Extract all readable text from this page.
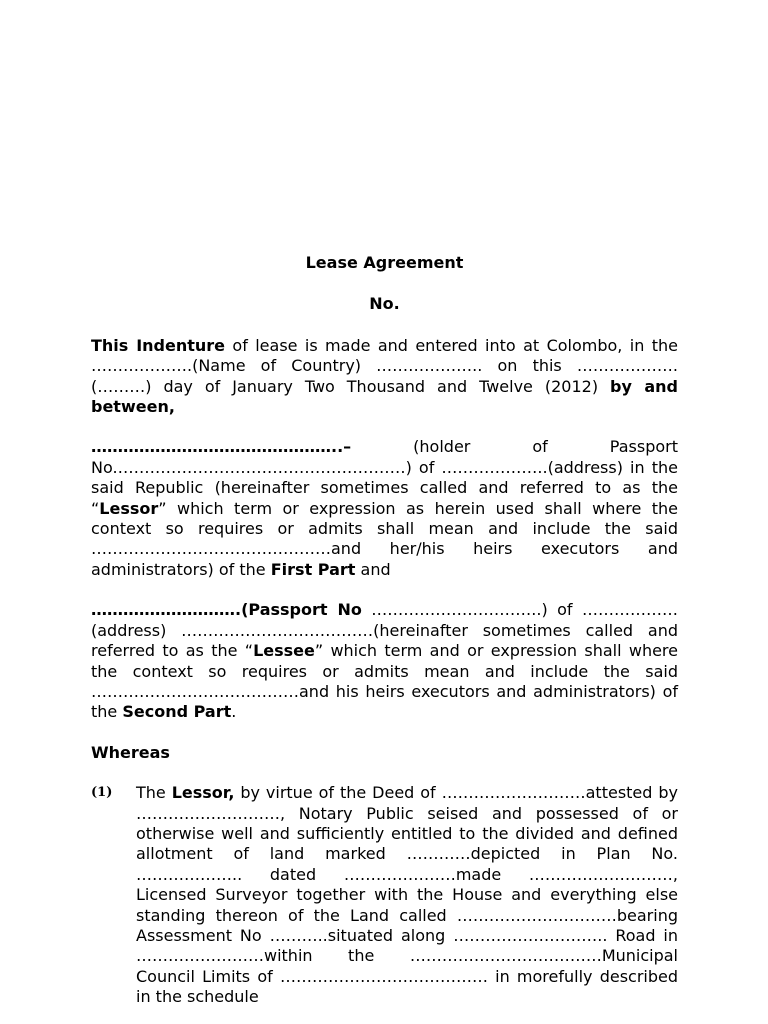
Lease Agreement

No.

This Indenture of lease is made and entered into at Colombo, in the ……………….(Name of Country) ……………….. on this ……………….(………) day of January Two Thousand and Twelve (2012) by and between,

………………………………………..– (holder of Passport No.………………………………………………) of ………………..(address) in the said Republic (hereinafter sometimes called and referred to as the “Lessor” which term or expression as herein used shall where the context so requires or admits shall mean and include the said ………………………………………and her/his heirs executors and administrators) of the First Part and

……………………….(Passport No …………………………..) of ………………(address) ………………………………(hereinafter sometimes called and referred to as the “Lessee” which term and or expression shall where the context so requires or admits mean and include the said …………………………………and his heirs executors and administrators) of the Second Part.

Whereas

(1) The Lessor, by virtue of the Deed of ………………………attested by ………………………, Notary Public seised and possessed of or otherwise well and sufficiently entitled to the divided and defined allotment of land marked …………depicted in Plan No. ……………….. dated …………………made ………………………, Licensed Surveyor together with the House and everything else standing thereon of the Land called …………………………bearing Assessment No ………..situated along ……………………….. Road in ……………………within the ………………………………Municipal Council Limits of ………………………………… in morefully described in the schedule
